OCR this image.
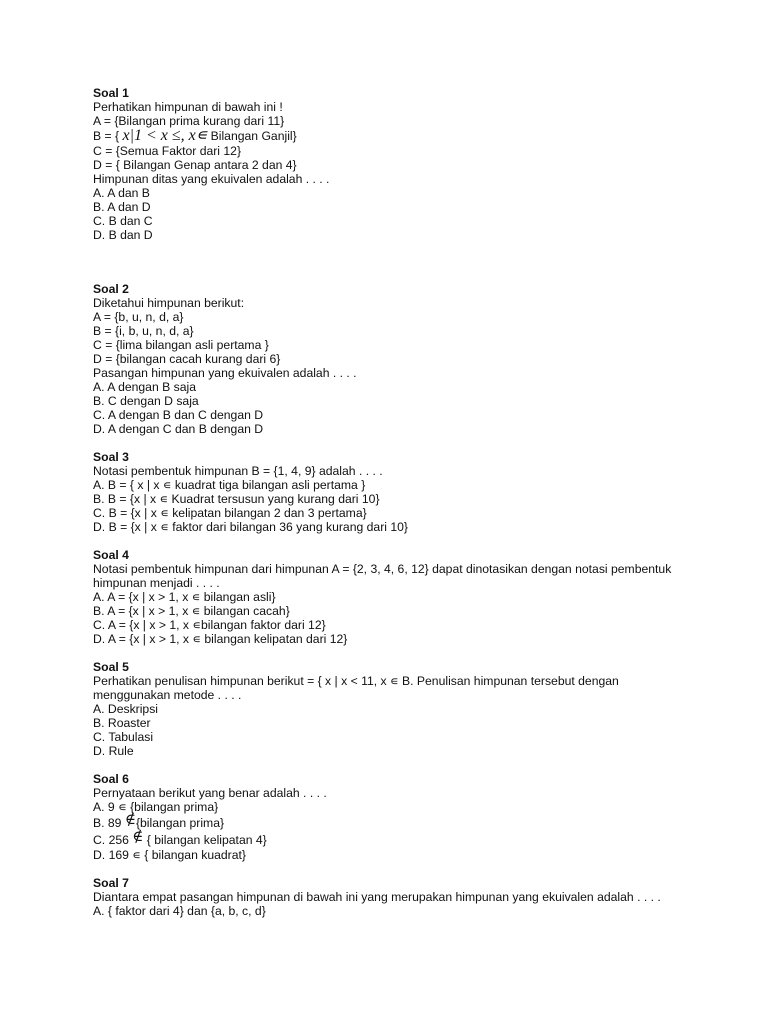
Soal 1
Perhatikan himpunan di bawah ini !
A = {Bilangan prima kurang dari 11}
B = { x|1 < x ≤, x∊ Bilangan Ganjil}
C = {Semua Faktor dari 12}
D = { Bilangan Genap antara 2 dan 4}
Himpunan ditas yang ekuivalen adalah . . . .
A. A dan B
B. A dan D
C. B dan C
D. B dan D
Soal 2
Diketahui himpunan berikut:
A = {b, u, n, d, a}
B = {i, b, u, n, d, a}
C = {lima bilangan asli pertama }
D = {bilangan cacah kurang dari 6}
Pasangan himpunan yang ekuivalen adalah . . . .
A. A dengan B saja
B. C dengan D saja
C. A dengan B dan C dengan D
D. A dengan C dan B dengan D
Soal 3
Notasi pembentuk himpunan B = {1, 4, 9} adalah . . . .
A. B = { x | x ∊ kuadrat tiga bilangan asli pertama }
B. B = {x | x ∊ Kuadrat tersusun yang kurang dari 10}
C. B = {x | x ∊ kelipatan bilangan 2 dan 3 pertama}
D. B = {x | x ∊ faktor dari bilangan 36 yang kurang dari 10}
Soal 4
Notasi pembentuk himpunan dari himpunan A = {2, 3, 4, 6, 12} dapat dinotasikan dengan notasi pembentuk himpunan menjadi . . . .
A. A = {x | x > 1, x ∊ bilangan asli}
B. A = {x | x > 1, x ∊ bilangan cacah}
C. A = {x | x > 1, x ∊bilangan faktor dari 12}
D. A = {x | x > 1, x ∊ bilangan kelipatan dari 12}
Soal 5
Perhatikan penulisan himpunan berikut = { x | x < 11, x ∊ B. Penulisan himpunan tersebut dengan menggunakan metode . . . .
A. Deskripsi
B. Roaster
C. Tabulasi
D. Rule
Soal 6
Pernyataan berikut yang benar adalah . . . .
A. 9 ∊ {bilangan prima}
B. 89 ∉{bilangan prima}
C. 256 ∉ { bilangan kelipatan 4}
D. 169 ∊ { bilangan kuadrat}
Soal 7
Diantara empat pasangan himpunan di bawah ini yang merupakan himpunan yang ekuivalen adalah . . . .
A. { faktor dari 4} dan {a, b, c, d}
